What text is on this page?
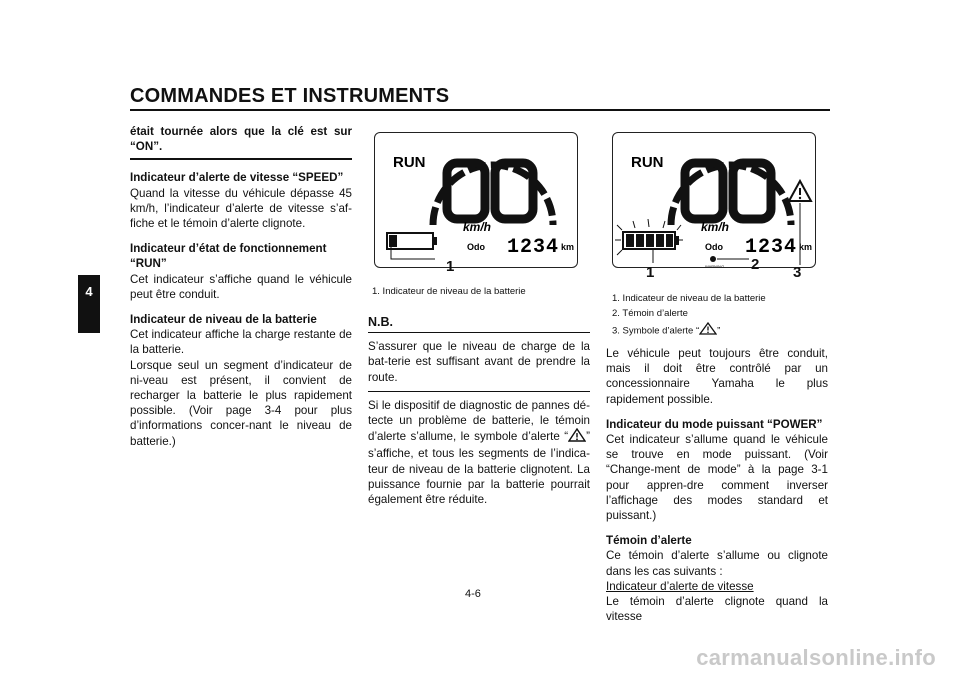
COMMANDES ET INSTRUMENTS
4

était tournée alors que la clé est sur “ON”.

Indicateur d’alerte de vitesse “SPEED”

Quand la vitesse du véhicule dépasse 45 km/h, l’indicateur d’alerte de vitesse s’af-fiche et le témoin d’alerte clignote.

Indicateur d’état de fonctionnement “RUN”

Cet indicateur s’affiche quand le véhicule peut être conduit.

Indicateur de niveau de la batterie

Cet indicateur affiche la charge restante de la batterie.

Lorsque seul un segment d’indicateur de ni-veau est présent, il convient de recharger la batterie le plus rapidement possible. (Voir page 3-4 pour plus d’informations concer-nant le niveau de batterie.)

RUN
km/h
Odo 1234 km
1
1. Indicateur de niveau de la batterie
N.B.

S’assurer que le niveau de charge de la bat-terie est suffisant avant de prendre la route.

Si le dispositif de diagnostic de pannes dé-tecte un problème de batterie, le témoin d’alerte s’allume, le symbole d’alerte “ ” s’affiche, et tous les segments de l’indica-teur de niveau de la batterie clignotent. La puissance fournie par la batterie pourrait également être réduite.

RUN
km/h
Odo 1234 km
WARNING
1	2 3
1. Indicateur de niveau de la batterie
2. Témoin d’alerte
3. Symbole d’alerte “ ”

Le véhicule peut toujours être conduit, mais il doit être contrôlé par un concessionnaire Yamaha le plus rapidement possible.

Indicateur du mode puissant “POWER”

Cet indicateur s’allume quand le véhicule se trouve en mode puissant. (Voir “Change-ment de mode” à la page 3-1 pour appren-dre comment inverser l’affichage des modes standard et puissant.)

Témoin d’alerte

Ce témoin d’alerte s’allume ou clignote dans les cas suivants :

Indicateur d’alerte de vitesse

Le témoin d’alerte clignote quand la vitesse

4-6
carmanualsonline.info
